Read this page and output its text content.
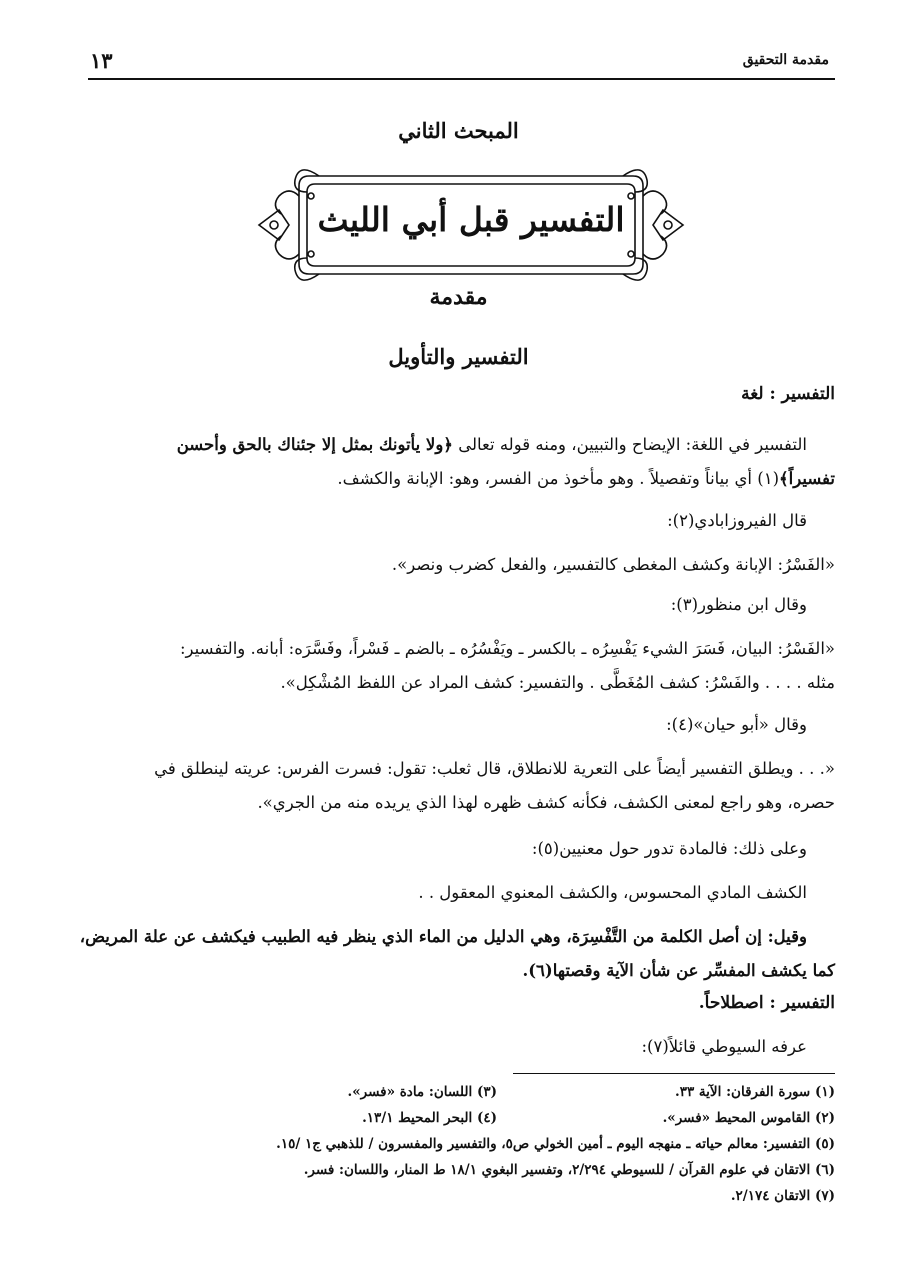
مقدمة التحقيق
١٣
المبحث الثاني
التفسير قبل أبي الليث
مقدمة
التفسير والتأويل
التفسير : لغة
التفسير في اللغة: الإيضاح والتبيين، ومنه قوله تعالى ﴿ولا يأتونك بمثل إلا جئناك بالحق وأحسن
تفسيراً﴾(١) أي بياناً وتفصيلاً . وهو مأخوذ من الفسر، وهو: الإبانة والكشف.
قال الفيروزابادي(٢):
«الفَسْرُ: الإبانة وكشف المغطى كالتفسير، والفعل كضرب ونصر».
وقال ابن منظور(٣):
«الفَسْرُ: البيان، فَسَرَ الشيء يَفْسِرُه ـ بالكسر ـ ويَفْسُرُه ـ بالضم ـ فَسْراً، وفَسَّرَه: أبانه. والتفسير:
مثله . . . . والفَسْرُ: كشف المُغَطَّى . والتفسير: كشف المراد عن اللفظ المُشْكِل».
وقال «أبو حيان»(٤):
«. . . ويطلق التفسير أيضاً على التعرية للانطلاق، قال ثعلب: تقول: فسرت الفرس: عريته لينطلق في
حصره، وهو راجع لمعنى الكشف، فكأنه كشف ظهره لهذا الذي يريده منه من الجري».
وعلى ذلك: فالمادة تدور حول معنيين(٥):
الكشف المادي المحسوس، والكشف المعنوي المعقول . .
وقيل: إن أصل الكلمة من التَّفْسِرَة، وهي الدليل من الماء الذي ينظر فيه الطبيب فيكشف عن علة المريض،
كما يكشف المفسِّر عن شأن الآية وقصتها(٦).
التفسير : اصطلاحاً.
عرفه السيوطي قائلاً(٧):
(١) سورة الفرقان: الآية ٣٣.
(٣) اللسان: مادة «فسر».
(٢) القاموس المحيط «فسر».
(٤) البحر المحيط ١٣/١.
(٥) التفسير: معالم حياته ـ منهجه اليوم ـ أمين الخولي ص٥، والتفسير والمفسرون / للذهبي ج١ /١٥.
(٦) الاتقان في علوم القرآن / للسيوطي ٢/٢٩٤، وتفسير البغوي ١٨/١ ط المنار، واللسان: فسر.
(٧) الاتقان ٢/١٧٤.
